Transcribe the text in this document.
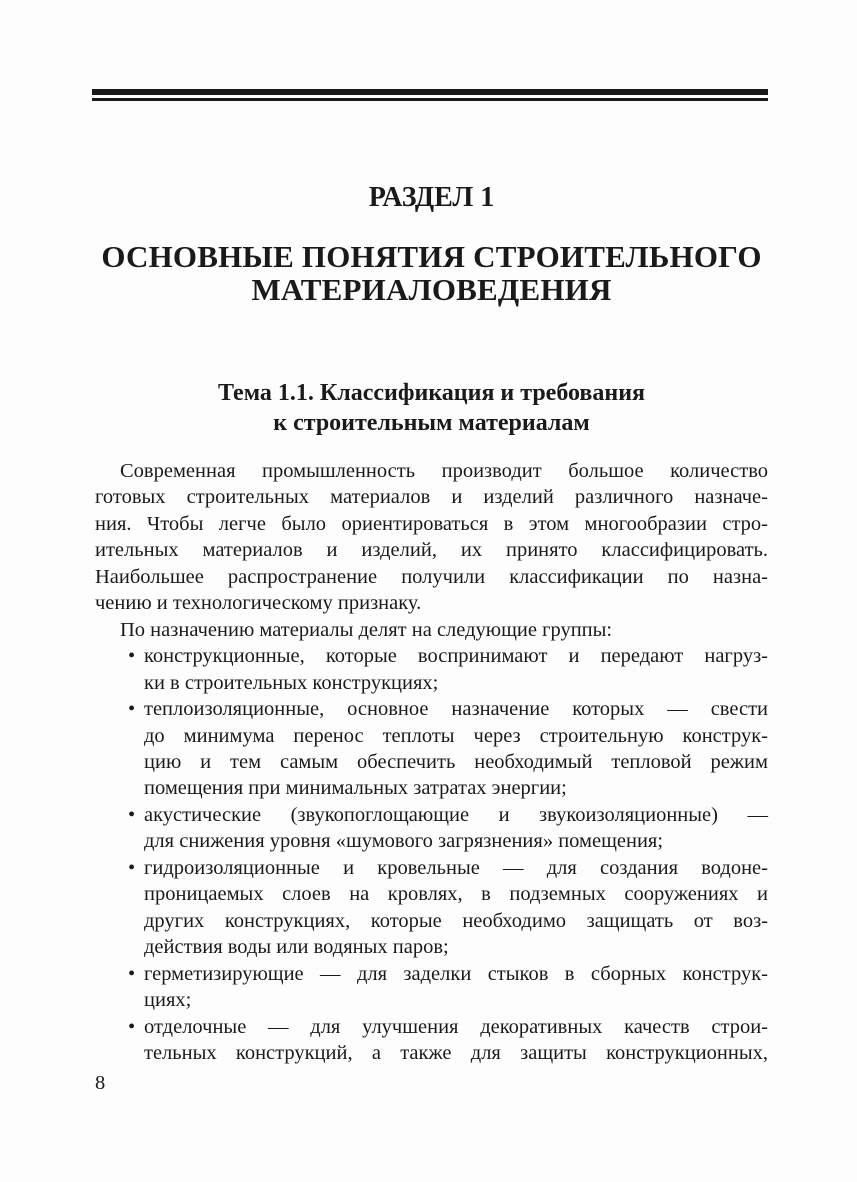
РАЗДЕЛ 1
ОСНОВНЫЕ ПОНЯТИЯ СТРОИТЕЛЬНОГО
МАТЕРИАЛОВЕДЕНИЯ
Тема 1.1. Классификация и требования
к строительным материалам
Современная промышленность производит большое количество
готовых строительных материалов и изделий различного назначе-
ния. Чтобы легче было ориентироваться в этом многообразии стро-
ительных материалов и изделий, их принято классифицировать.
Наибольшее распространение получили классификации по назна-
чению и технологическому признаку.
По назначению материалы делят на следующие группы:
• конструкционные, которые воспринимают и передают нагруз-
ки в строительных конструкциях;
• теплоизоляционные, основное назначение которых — свести
до минимума перенос теплоты через строительную конструк-
цию и тем самым обеспечить необходимый тепловой режим
помещения при минимальных затратах энергии;
• акустические (звукопоглощающие и звукоизоляционные) —
для снижения уровня «шумового загрязнения» помещения;
• гидроизоляционные и кровельные — для создания водоне-
проницаемых слоев на кровлях, в подземных сооружениях и
других конструкциях, которые необходимо защищать от воз-
действия воды или водяных паров;
• герметизирующие — для заделки стыков в сборных конструк-
циях;
• отделочные — для улучшения декоративных качеств строи-
тельных конструкций, а также для защиты конструкционных,
8
